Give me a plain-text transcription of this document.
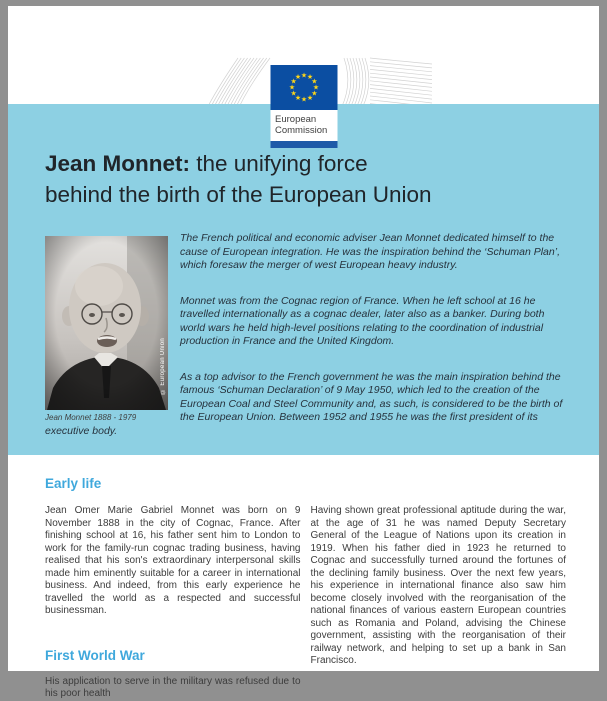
★ ★
★
★
★
★
★
★
★
★
★
★
European
Commission
Jean Monnet: the unifying force
behind the birth of the European Union
© European Union
Jean Monnet 1888 - 1979

The French political and economic adviser Jean Monnet dedicated himself to the cause of European integration. He was the inspiration behind the ‘Schuman Plan’, which foresaw the merger of west European heavy industry.

Monnet was from the Cognac region of France. When he left school at 16 he travelled internationally as a cognac dealer, later also as a banker. During both world wars he held high-level positions relating to the coordination of industrial production in France and the United Kingdom.

As a top advisor to the French government he was the main inspiration behind the famous ‘Schuman Declaration’ of 9 May 1950, which led to the creation of the European Coal and Steel Community and, as such, is considered to be the birth of the European Union. Between 1952 and 1955 he was the first president of its executive body.

Early life

Jean Omer Marie Gabriel Monnet was born on 9 November 1888 in the city of Cognac, France. After finishing school at 16, his father sent him to London to work for the family-run cognac trading business, having realised that his son's extraordinary interpersonal skills made him eminently suitable for a career in international business. And indeed, from this early experience he travelled the world as a respected and successful businessman.

First World War

His application to serve in the military was refused due to his poor health

Having shown great professional aptitude during the war, at the age of 31 he was named Deputy Secretary General of the League of Nations upon its creation in 1919. When his father died in 1923 he returned to Cognac and successfully turned around the fortunes of the declining family business. Over the next few years, his experience in international finance also saw him become closely involved with the reorganisation of the national finances of various eastern European countries such as Romania and Poland, advising the Chinese government, assisting with the reorganisation of their railway network, and helping to set up a bank in San Francisco.
